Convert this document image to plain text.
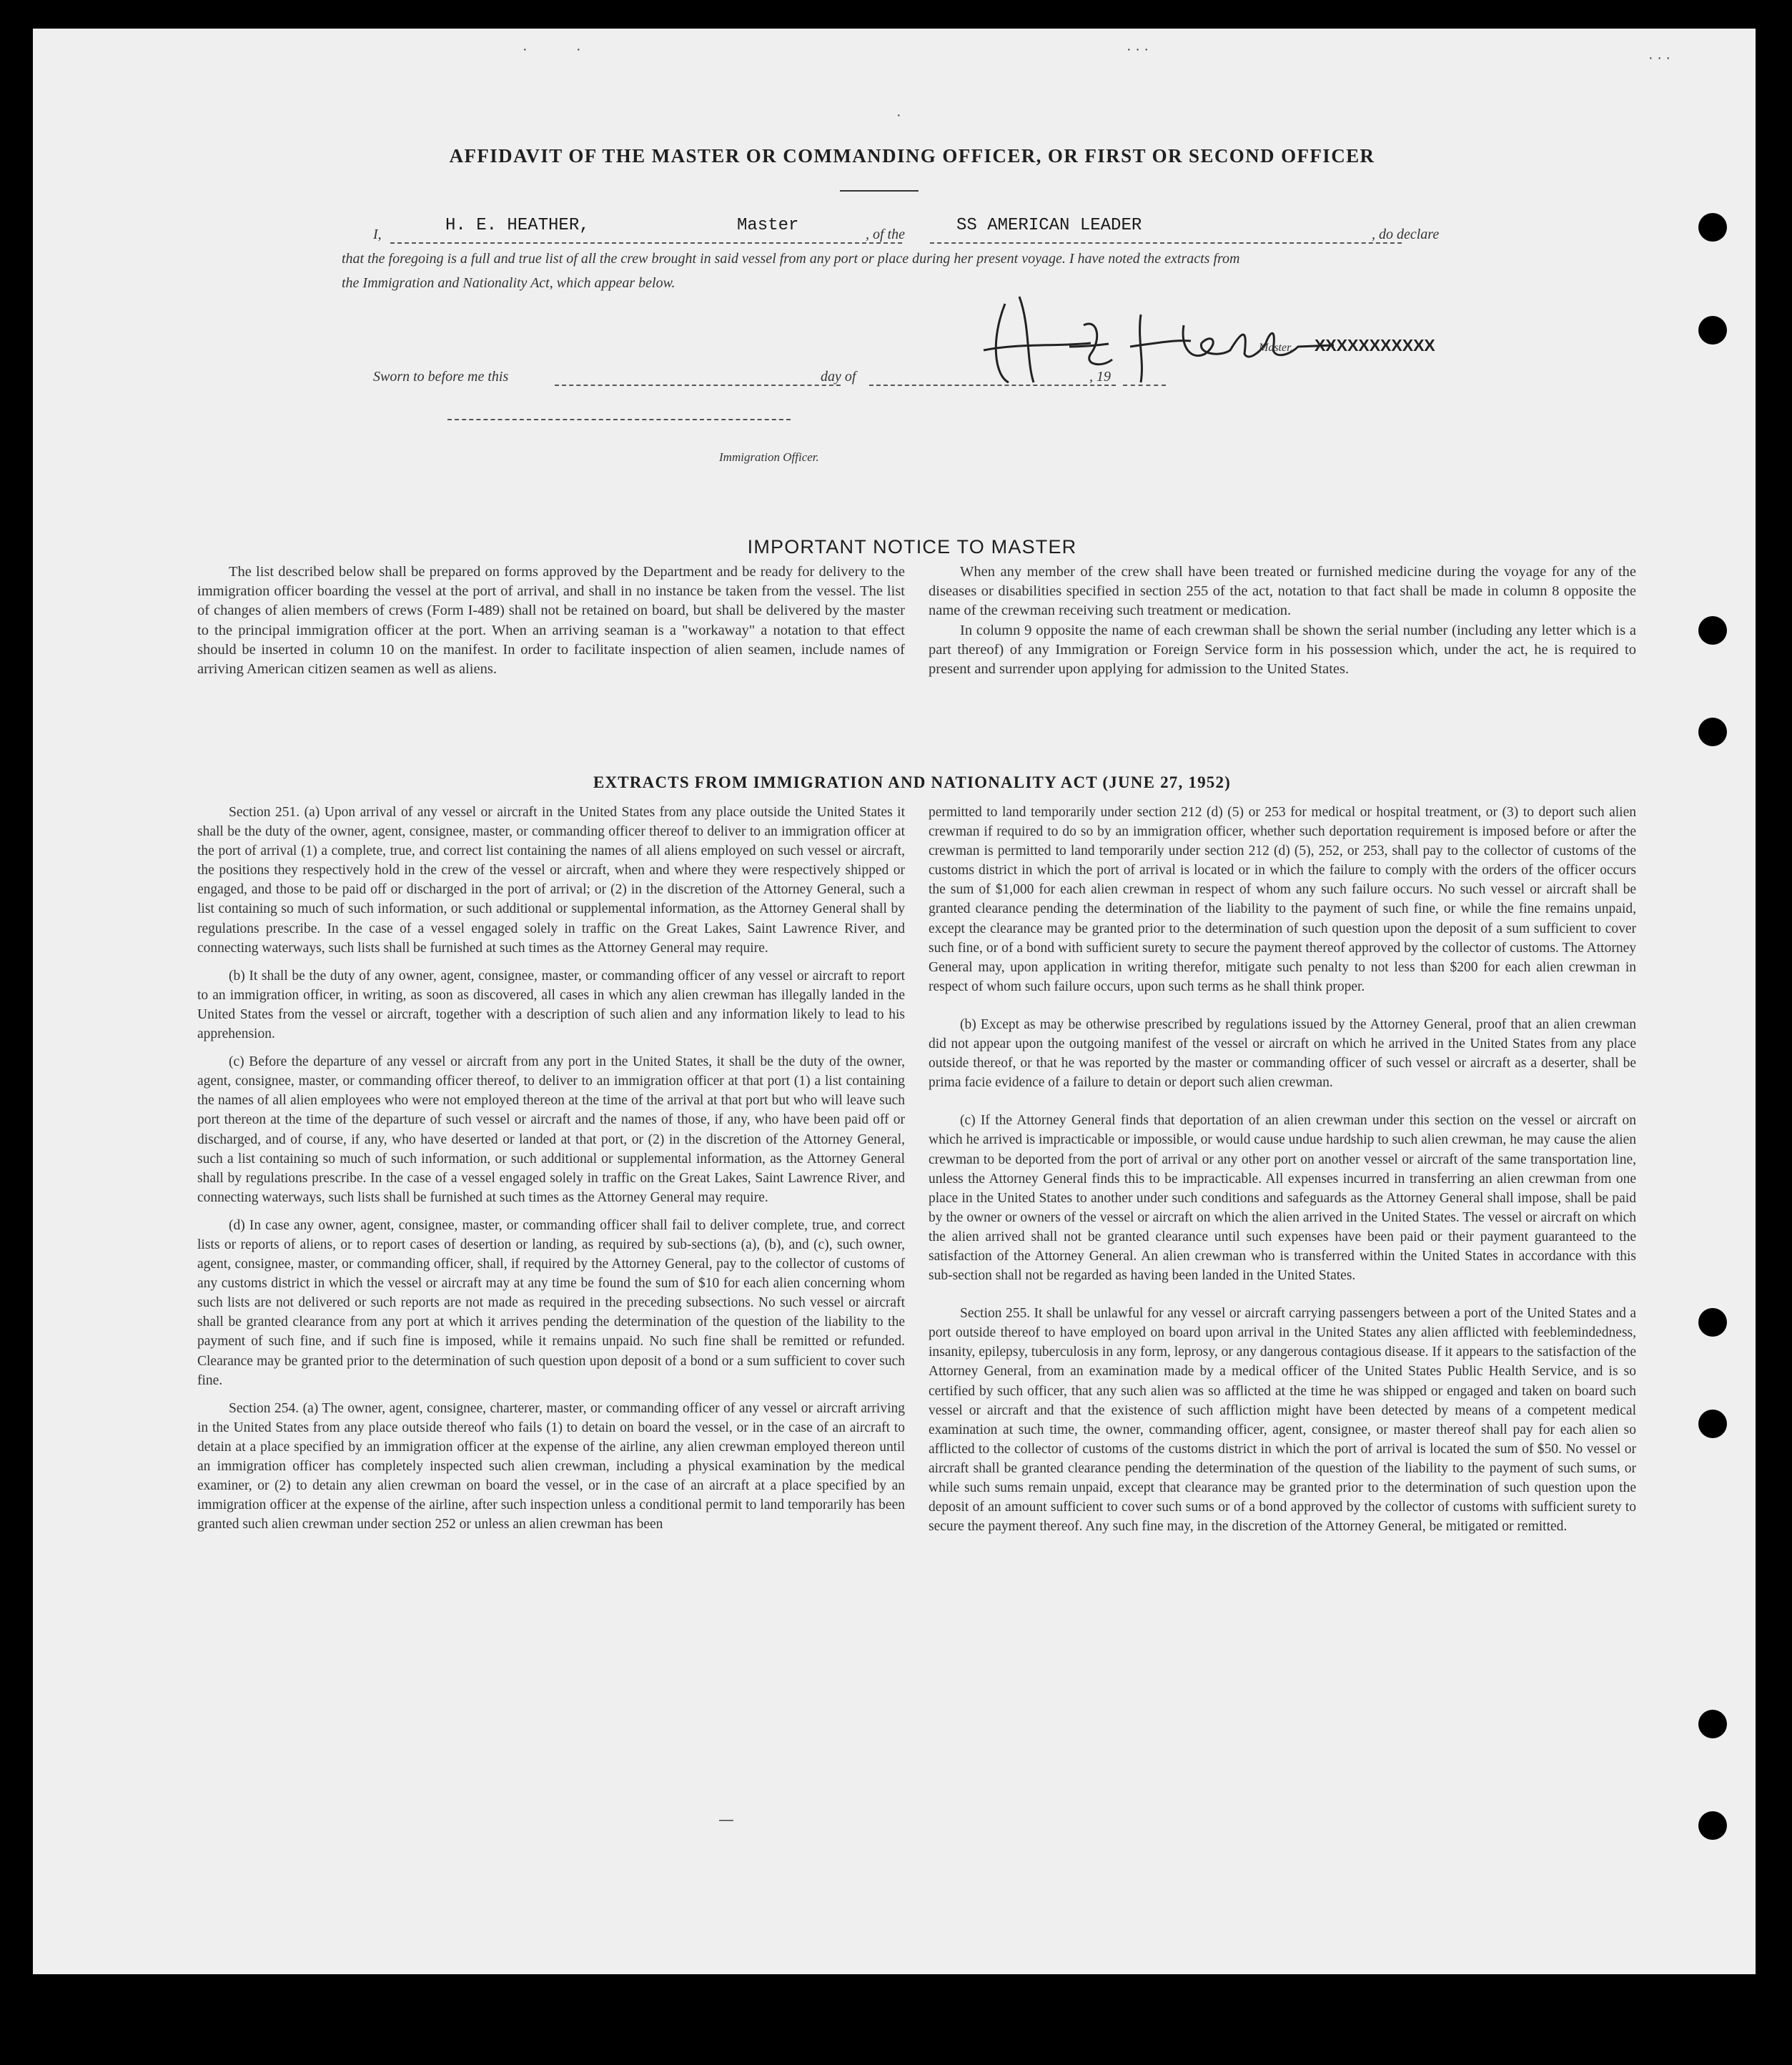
·	·	· · ·
· · ·
·
AFFIDAVIT OF THE MASTER OR COMMANDING OFFICER, OR FIRST OR SECOND OFFICER
I,	H. E. HEATHER,	Master	, of the	SS AMERICAN LEADER	, do declare
that the foregoing is a full and true list of all the crew brought in said vessel from any port or place during her present voyage. I have noted the extracts from
the Immigration and Nationality Act, which appear below.
Master, XXXXXXXXXXX
Sworn to before me this	day of	, 19
Immigration Officer.
IMPORTANT NOTICE TO MASTER

The list described below shall be prepared on forms approved by the Department and be ready for delivery to the immigration officer boarding the vessel at the port of arrival, and shall in no instance be taken from the vessel. The list of changes of alien members of crews (Form I-489) shall not be retained on board, but shall be delivered by the master to the principal immigration officer at the port. When an arriving seaman is a "workaway" a notation to that effect should be inserted in column 10 on the manifest. In order to facilitate inspection of alien seamen, include names of arriving American citizen seamen as well as aliens.

When any member of the crew shall have been treated or furnished medicine during the voyage for any of the diseases or disabilities specified in section 255 of the act, notation to that fact shall be made in column 8 opposite the name of the crewman receiving such treatment or medication.

In column 9 opposite the name of each crewman shall be shown the serial number (including any letter which is a part thereof) of any Immigration or Foreign Service form in his possession which, under the act, he is required to present and surrender upon applying for admission to the United States.

EXTRACTS FROM IMMIGRATION AND NATIONALITY ACT (JUNE 27, 1952)

Section 251. (a) Upon arrival of any vessel or aircraft in the United States from any place outside the United States it shall be the duty of the owner, agent, consignee, master, or commanding officer thereof to deliver to an immigration officer at the port of arrival (1) a complete, true, and correct list containing the names of all aliens employed on such vessel or aircraft, the positions they respectively hold in the crew of the vessel or aircraft, when and where they were respectively shipped or engaged, and those to be paid off or discharged in the port of arrival; or (2) in the discretion of the Attorney General, such a list containing so much of such information, or such additional or supplemental information, as the Attorney General shall by regulations prescribe. In the case of a vessel engaged solely in traffic on the Great Lakes, Saint Lawrence River, and connecting waterways, such lists shall be furnished at such times as the Attorney General may require.

(b) It shall be the duty of any owner, agent, consignee, master, or commanding officer of any vessel or aircraft to report to an immigration officer, in writing, as soon as discovered, all cases in which any alien crewman has illegally landed in the United States from the vessel or aircraft, together with a description of such alien and any information likely to lead to his apprehension.

(c) Before the departure of any vessel or aircraft from any port in the United States, it shall be the duty of the owner, agent, consignee, master, or commanding officer thereof, to deliver to an immigration officer at that port (1) a list containing the names of all alien employees who were not employed thereon at the time of the arrival at that port but who will leave such port thereon at the time of the departure of such vessel or aircraft and the names of those, if any, who have been paid off or discharged, and of course, if any, who have deserted or landed at that port, or (2) in the discretion of the Attorney General, such a list containing so much of such information, or such additional or supplemental information, as the Attorney General shall by regulations prescribe. In the case of a vessel engaged solely in traffic on the Great Lakes, Saint Lawrence River, and connecting waterways, such lists shall be furnished at such times as the Attorney General may require.

(d) In case any owner, agent, consignee, master, or commanding officer shall fail to deliver complete, true, and correct lists or reports of aliens, or to report cases of desertion or landing, as required by sub-sections (a), (b), and (c), such owner, agent, consignee, master, or commanding officer, shall, if required by the Attorney General, pay to the collector of customs of any customs district in which the vessel or aircraft may at any time be found the sum of $10 for each alien concerning whom such lists are not delivered or such reports are not made as required in the preceding subsections. No such vessel or aircraft shall be granted clearance from any port at which it arrives pending the determination of the question of the liability to the payment of such fine, and if such fine is imposed, while it remains unpaid. No such fine shall be remitted or refunded. Clearance may be granted prior to the determination of such question upon deposit of a bond or a sum sufficient to cover such fine.

Section 254. (a) The owner, agent, consignee, charterer, master, or commanding officer of any vessel or aircraft arriving in the United States from any place outside thereof who fails (1) to detain on board the vessel, or in the case of an aircraft to detain at a place specified by an immigration officer at the expense of the airline, any alien crewman employed thereon until an immigration officer has completely inspected such alien crewman, including a physical examination by the medical examiner, or (2) to detain any alien crewman on board the vessel, or in the case of an aircraft at a place specified by an immigration officer at the expense of the airline, after such inspection unless a conditional permit to land temporarily has been granted such alien crewman under section 252 or unless an alien crewman has been

permitted to land temporarily under section 212 (d) (5) or 253 for medical or hospital treatment, or (3) to deport such alien crewman if required to do so by an immigration officer, whether such deportation requirement is imposed before or after the crewman is permitted to land temporarily under section 212 (d) (5), 252, or 253, shall pay to the collector of customs of the customs district in which the port of arrival is located or in which the failure to comply with the orders of the officer occurs the sum of $1,000 for each alien crewman in respect of whom any such failure occurs. No such vessel or aircraft shall be granted clearance pending the determination of the liability to the payment of such fine, or while the fine remains unpaid, except the clearance may be granted prior to the determination of such question upon the deposit of a sum sufficient to cover such fine, or of a bond with sufficient surety to secure the payment thereof approved by the collector of customs. The Attorney General may, upon application in writing therefor, mitigate such penalty to not less than $200 for each alien crewman in respect of whom such failure occurs, upon such terms as he shall think proper.

(b) Except as may be otherwise prescribed by regulations issued by the Attorney General, proof that an alien crewman did not appear upon the outgoing manifest of the vessel or aircraft on which he arrived in the United States from any place outside thereof, or that he was reported by the master or commanding officer of such vessel or aircraft as a deserter, shall be prima facie evidence of a failure to detain or deport such alien crewman.

(c) If the Attorney General finds that deportation of an alien crewman under this section on the vessel or aircraft on which he arrived is impracticable or impossible, or would cause undue hardship to such alien crewman, he may cause the alien crewman to be deported from the port of arrival or any other port on another vessel or aircraft of the same transportation line, unless the Attorney General finds this to be impracticable. All expenses incurred in transferring an alien crewman from one place in the United States to another under such conditions and safeguards as the Attorney General shall impose, shall be paid by the owner or owners of the vessel or aircraft on which the alien arrived in the United States. The vessel or aircraft on which the alien arrived shall not be granted clearance until such expenses have been paid or their payment guaranteed to the satisfaction of the Attorney General. An alien crewman who is transferred within the United States in accordance with this sub-section shall not be regarded as having been landed in the United States.

Section 255. It shall be unlawful for any vessel or aircraft carrying passengers between a port of the United States and a port outside thereof to have employed on board upon arrival in the United States any alien afflicted with feeblemindedness, insanity, epilepsy, tuberculosis in any form, leprosy, or any dangerous contagious disease. If it appears to the satisfaction of the Attorney General, from an examination made by a medical officer of the United States Public Health Service, and is so certified by such officer, that any such alien was so afflicted at the time he was shipped or engaged and taken on board such vessel or aircraft and that the existence of such affliction might have been detected by means of a competent medical examination at such time, the owner, commanding officer, agent, consignee, or master thereof shall pay for each alien so afflicted to the collector of customs of the customs district in which the port of arrival is located the sum of $50. No vessel or aircraft shall be granted clearance pending the determination of the question of the liability to the payment of such sums, or while such sums remain unpaid, except that clearance may be granted prior to the determination of such question upon the deposit of an amount sufficient to cover such sums or of a bond approved by the collector of customs with sufficient surety to secure the payment thereof. Any such fine may, in the discretion of the Attorney General, be mitigated or remitted.

—
